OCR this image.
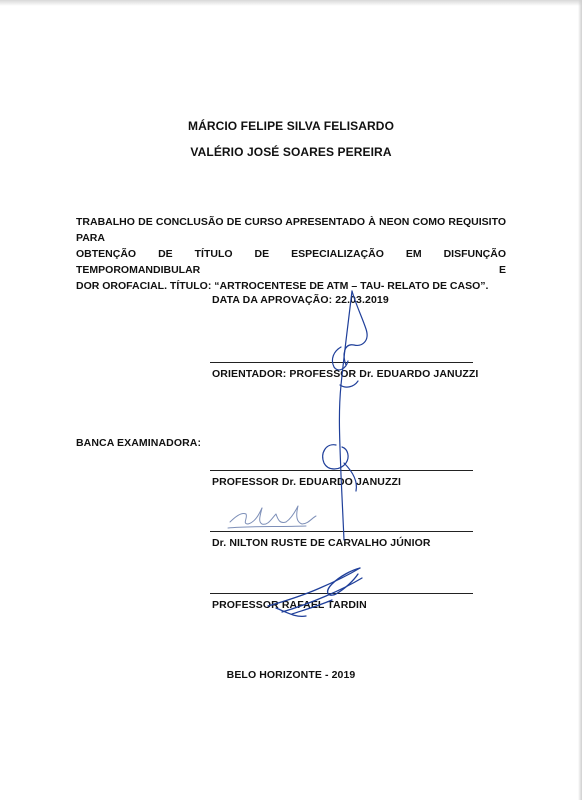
MÁRCIO FELIPE SILVA FELISARDO
VALÉRIO JOSÉ SOARES PEREIRA
TRABALHO DE CONCLUSÃO DE CURSO APRESENTADO À NEON COMO REQUISITO PARA
OBTENÇÃO DE TÍTULO DE ESPECIALIZAÇÃO EM DISFUNÇÃO TEMPOROMANDIBULAR E
DOR OROFACIAL. TÍTULO: “ARTROCENTESE DE ATM – TAU- RELATO DE CASO”.
DATA DA APROVAÇÃO: 22.03.2019
ORIENTADOR: PROFESSOR Dr. EDUARDO JANUZZI
BANCA EXAMINADORA:
PROFESSOR Dr. EDUARDO JANUZZI
Dr. NILTON RUSTE DE CARVALHO JÚNIOR
PROFESSOR RAFAEL TARDIN
BELO HORIZONTE - 2019
